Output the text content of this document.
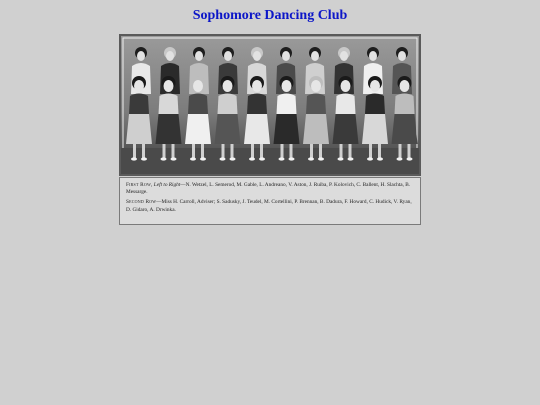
Sophomore Dancing Club

First Row, Left to Right—N. Wetzel, L. Semerod, M. Gable, L. Andreano, V. Aston, J. Ruiba, P. Kolovich, C. Ballent, H. Slachta, B. Messarge.

Second Row—Miss H. Carroll, Adviser; S. Sadusky, J. Teudel, M. Cortellini, P. Brennan, B. Dadura, F. Howard, C. Hudick, V. Ryan, D. Gidaro, A. Drwinka.
